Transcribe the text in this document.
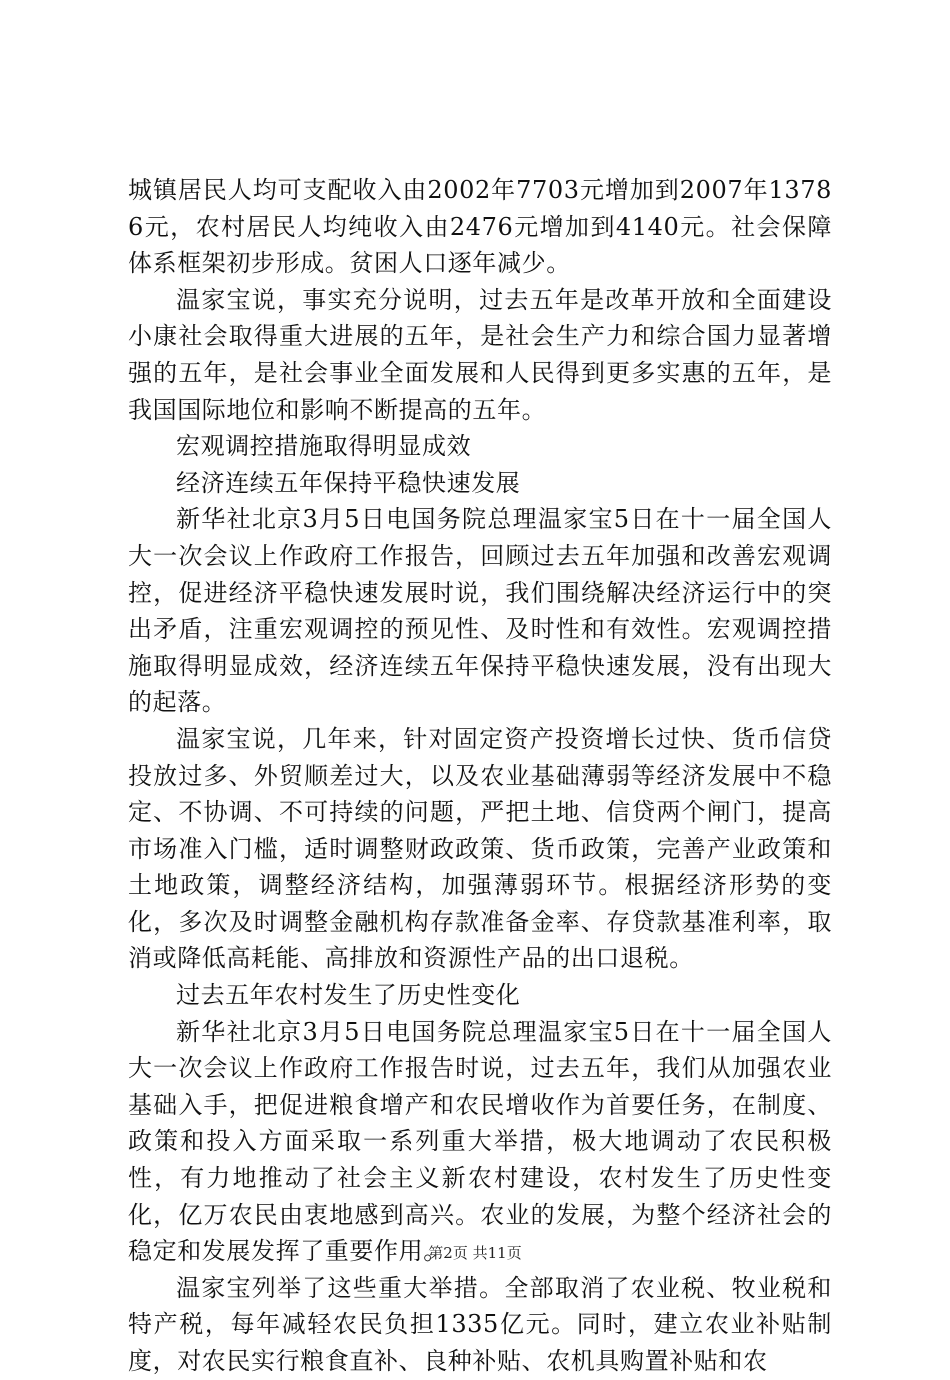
城镇居民人均可支配收入由2002年7703元增加到2007年13786元，农村居民人均纯收入由2476元增加到4140元。社会保障体系框架初步形成。贫困人口逐年减少。

温家宝说，事实充分说明，过去五年是改革开放和全面建设小康社会取得重大进展的五年，是社会生产力和综合国力显著增强的五年，是社会事业全面发展和人民得到更多实惠的五年，是我国国际地位和影响不断提高的五年。

宏观调控措施取得明显成效

经济连续五年保持平稳快速发展

新华社北京3月5日电国务院总理温家宝5日在十一届全国人大一次会议上作政府工作报告，回顾过去五年加强和改善宏观调控，促进经济平稳快速发展时说，我们围绕解决经济运行中的突出矛盾，注重宏观调控的预见性、及时性和有效性。宏观调控措施取得明显成效，经济连续五年保持平稳快速发展，没有出现大的起落。

温家宝说，几年来，针对固定资产投资增长过快、货币信贷投放过多、外贸顺差过大，以及农业基础薄弱等经济发展中不稳定、不协调、不可持续的问题，严把土地、信贷两个闸门，提高市场准入门槛，适时调整财政政策、货币政策，完善产业政策和土地政策，调整经济结构，加强薄弱环节。根据经济形势的变化，多次及时调整金融机构存款准备金率、存贷款基准利率，取消或降低高耗能、高排放和资源性产品的出口退税。

过去五年农村发生了历史性变化

新华社北京3月5日电国务院总理温家宝5日在十一届全国人大一次会议上作政府工作报告时说，过去五年，我们从加强农业基础入手，把促进粮食增产和农民增收作为首要任务，在制度、政策和投入方面采取一系列重大举措，极大地调动了农民积极性，有力地推动了社会主义新农村建设，农村发生了历史性变化，亿万农民由衷地感到高兴。农业的发展，为整个经济社会的稳定和发展发挥了重要作用。

温家宝列举了这些重大举措。全部取消了农业税、牧业税和特产税，每年减轻农民负担1335亿元。同时，建立农业补贴制度，对农民实行粮食直补、良种补贴、农机具购置补贴和农

第2页 共11页
